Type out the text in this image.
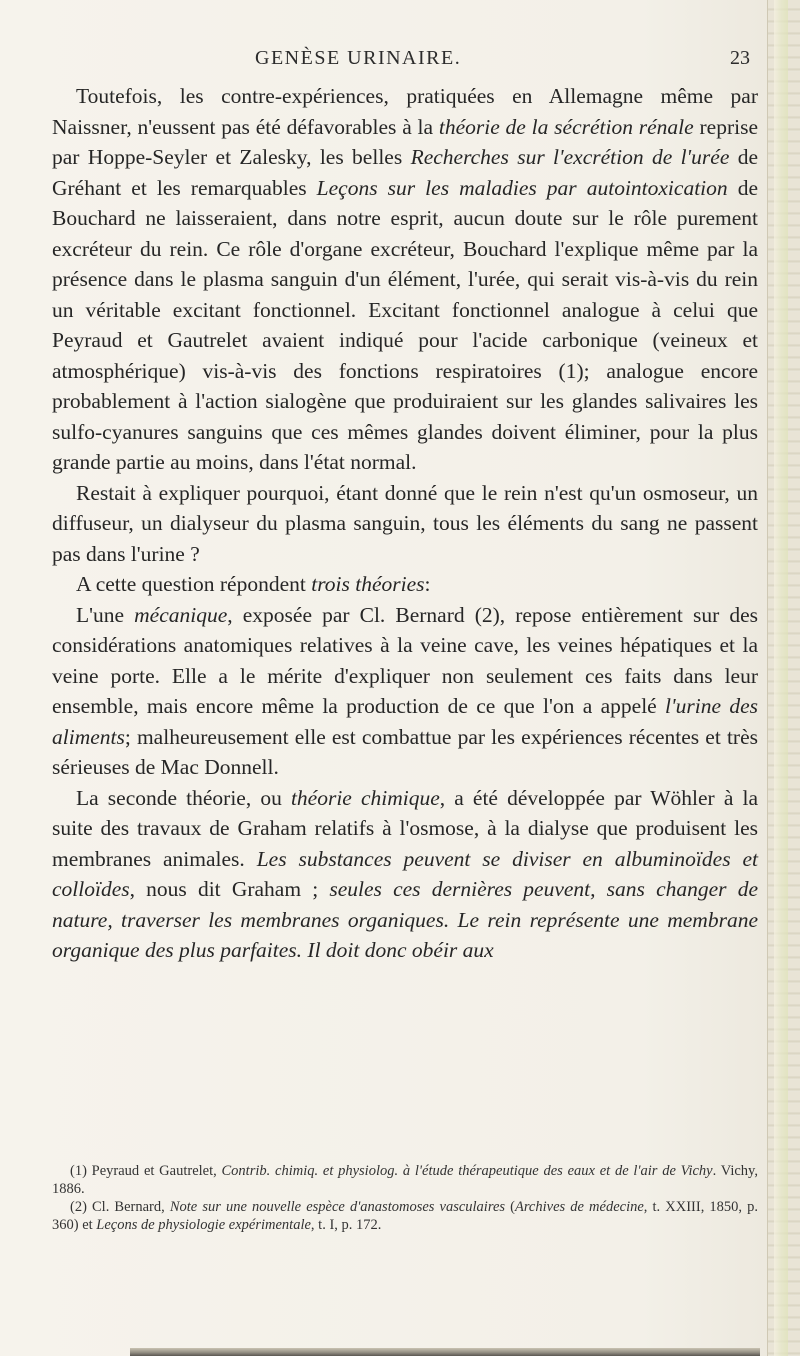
GENÈSE URINAIRE.	23

Toutefois, les contre-expériences, pratiquées en Allemagne même par Naissner, n'eussent pas été défavorables à la théorie de la sécrétion rénale reprise par Hoppe-Seyler et Zalesky, les belles Recherches sur l'excrétion de l'urée de Gréhant et les remarquables Leçons sur les maladies par autointoxication de Bouchard ne laisseraient, dans notre esprit, aucun doute sur le rôle purement excréteur du rein. Ce rôle d'organe excréteur, Bouchard l'explique même par la présence dans le plasma sanguin d'un élément, l'urée, qui serait vis-à-vis du rein un véritable excitant fonctionnel. Excitant fonctionnel analogue à celui que Peyraud et Gautrelet avaient indiqué pour l'acide carbonique (veineux et atmosphérique) vis-à-vis des fonctions respiratoires (1); analogue encore probablement à l'action sialogène que produiraient sur les glandes salivaires les sulfo-cyanures sanguins que ces mêmes glandes doivent éliminer, pour la plus grande partie au moins, dans l'état normal.

Restait à expliquer pourquoi, étant donné que le rein n'est qu'un osmoseur, un diffuseur, un dialyseur du plasma sanguin, tous les éléments du sang ne passent pas dans l'urine ?

A cette question répondent trois théories:

L'une mécanique, exposée par Cl. Bernard (2), repose entièrement sur des considérations anatomiques relatives à la veine cave, les veines hépatiques et la veine porte. Elle a le mérite d'expliquer non seulement ces faits dans leur ensemble, mais encore même la production de ce que l'on a appelé l'urine des aliments; malheureusement elle est combattue par les expériences récentes et très sérieuses de Mac Donnell.

La seconde théorie, ou théorie chimique, a été développée par Wöhler à la suite des travaux de Graham relatifs à l'osmose, à la dialyse que produisent les membranes animales. Les substances peuvent se diviser en albuminoïdes et colloïdes, nous dit Graham ; seules ces dernières peuvent, sans changer de nature, traverser les membranes organiques. Le rein représente une membrane organique des plus parfaites. Il doit donc obéir aux

(1) Peyraud et Gautrelet, Contrib. chimiq. et physiolog. à l'étude thérapeutique des eaux et de l'air de Vichy. Vichy, 1886.

(2) Cl. Bernard, Note sur une nouvelle espèce d'anastomoses vasculaires (Archives de médecine, t. XXIII, 1850, p. 360) et Leçons de physiologie expérimentale, t. I, p. 172.
